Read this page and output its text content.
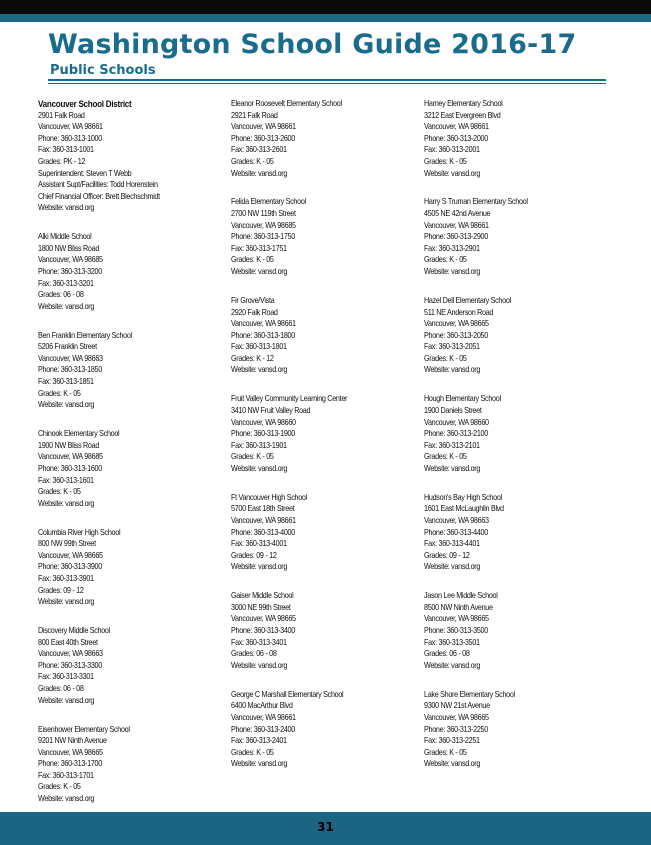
Washington School Guide 2016-17
Public Schools
Vancouver School District
2901 Falk Road
Vancouver, WA 98661
Phone: 360-313-1000
Fax: 360-313-1001
Grades: PK - 12
Superintendent: Steven T Webb
Assistant Supt/Facilities: Todd Horenstein
Chief Financial Officer: Brett Blechschmidt
Website: vansd.org
Alki Middle School
1800 NW Bliss Road
Vancouver, WA 98685
Phone: 360-313-3200
Fax: 360-313-3201
Grades: 06 - 08
Website: vansd.org
Ben Franklin Elementary School
5206 Franklin Street
Vancouver, WA 98663
Phone: 360-313-1850
Fax: 360-313-1851
Grades: K - 05
Website: vansd.org
Chinook Elementary School
1900 NW Bliss Road
Vancouver, WA 98685
Phone: 360-313-1600
Fax: 360-313-1601
Grades: K - 05
Website: vansd.org
Columbia River High School
800 NW 99th Street
Vancouver, WA 98665
Phone: 360-313-3900
Fax: 360-313-3901
Grades: 09 - 12
Website: vansd.org
Discovery Middle School
800 East 40th Street
Vancouver, WA 98663
Phone: 360-313-3300
Fax: 360-313-3301
Grades: 06 - 08
Website: vansd.org
Eisenhower Elementary School
9201 NW Ninth Avenue
Vancouver, WA 98665
Phone: 360-313-1700
Fax: 360-313-1701
Grades: K - 05
Website: vansd.org
Eleanor Roosevelt Elementary School
2921 Falk Road
Vancouver, WA 98661
Phone: 360-313-2600
Fax: 360-313-2601
Grades: K - 05
Website: vansd.org
Felida Elementary School
2700 NW 119th Street
Vancouver, WA 98685
Phone: 360-313-1750
Fax: 360-313-1751
Grades: K - 05
Website: vansd.org
Fir Grove/Vista
2920 Falk Road
Vancouver, WA 98661
Phone: 360-313-1800
Fax: 360-313-1801
Grades: K - 12
Website: vansd.org
Fruit Valley Community Learning Center
3410 NW Fruit Valley Road
Vancouver, WA 98660
Phone: 360-313-1900
Fax: 360-313-1901
Grades: K - 05
Website: vansd.org
Ft Vancouver High School
5700 East 18th Street
Vancouver, WA 98661
Phone: 360-313-4000
Fax: 360-313-4001
Grades: 09 - 12
Website: vansd.org
Gaiser Middle School
3000 NE 99th Street
Vancouver, WA 98665
Phone: 360-313-3400
Fax: 360-313-3401
Grades: 06 - 08
Website: vansd.org
George C Marshall Elementary School
6400 MacArthur Blvd
Vancouver, WA 98661
Phone: 360-313-2400
Fax: 360-313-2401
Grades: K - 05
Website: vansd.org
Harney Elementary School
3212 East Evergreen Blvd
Vancouver, WA 98661
Phone: 360-313-2000
Fax: 360-313-2001
Grades: K - 05
Website: vansd.org
Harry S Truman Elementary School
4505 NE 42nd Avenue
Vancouver, WA 98661
Phone: 360-313-2900
Fax: 360-313-2901
Grades: K - 05
Website: vansd.org
Hazel Dell Elementary School
511 NE Anderson Road
Vancouver, WA 98665
Phone: 360-313-2050
Fax: 360-313-2051
Grades: K - 05
Website: vansd.org
Hough Elementary School
1900 Daniels Street
Vancouver, WA 98660
Phone: 360-313-2100
Fax: 360-313-2101
Grades: K - 05
Website: vansd.org
Hudson's Bay High School
1601 East McLaughlin Blvd
Vancouver, WA 98663
Phone: 360-313-4400
Fax: 360-313-4401
Grades: 09 - 12
Website: vansd.org
Jason Lee Middle School
8500 NW Ninth Avenue
Vancouver, WA 98665
Phone: 360-313-3500
Fax: 360-313-3501
Grades: 06 - 08
Website: vansd.org
Lake Shore Elementary School
9300 NW 21st Avenue
Vancouver, WA 98665
Phone: 360-313-2250
Fax: 360-313-2251
Grades: K - 05
Website: vansd.org
31
